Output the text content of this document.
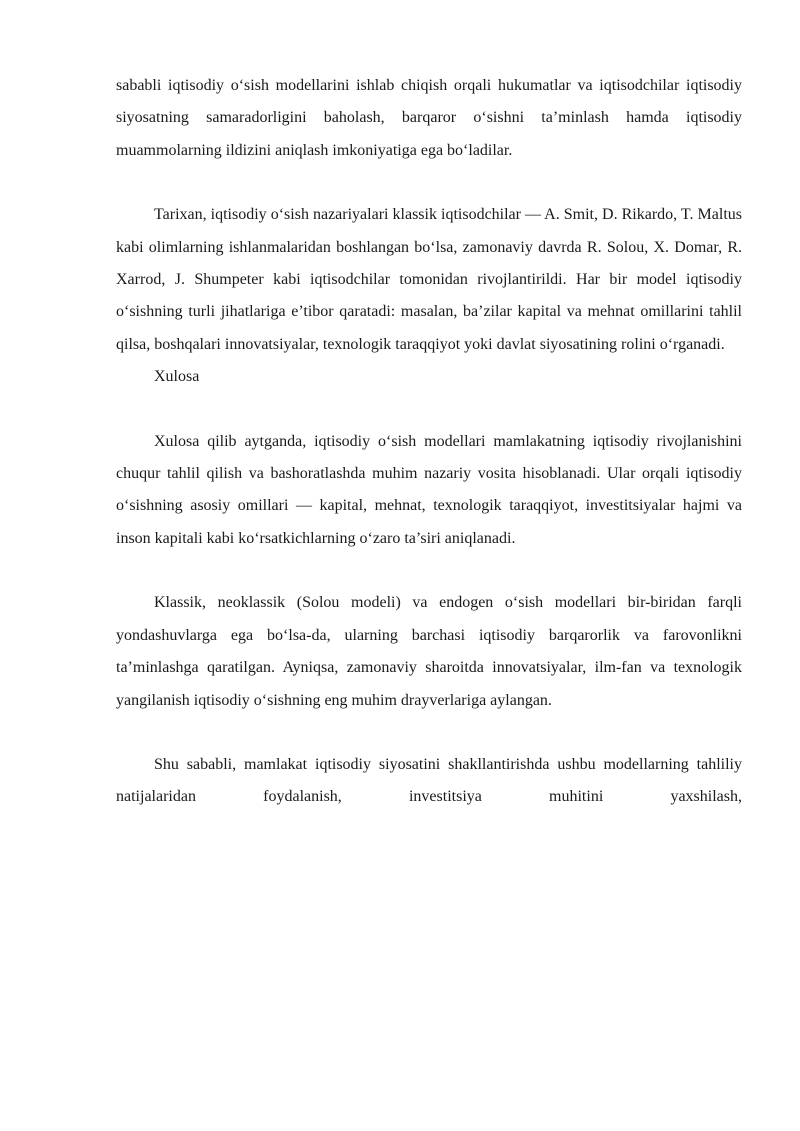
sababli iqtisodiy o‘sish modellarini ishlab chiqish orqali hukumatlar va iqtisodchilar iqtisodiy siyosatning samaradorligini baholash, barqaror o‘sishni ta’minlash hamda iqtisodiy muammolarning ildizini aniqlash imkoniyatiga ega bo‘ladilar.

Tarixan, iqtisodiy o‘sish nazariyalari klassik iqtisodchilar — A. Smit, D. Rikardo, T. Maltus kabi olimlarning ishlanmalaridan boshlangan bo‘lsa, zamonaviy davrda R. Solou, X. Domar, R. Xarrod, J. Shumpeter kabi iqtisodchilar tomonidan rivojlantirildi. Har bir model iqtisodiy o‘sishning turli jihatlariga e’tibor qaratadi: masalan, ba’zilar kapital va mehnat omillarini tahlil qilsa, boshqalari innovatsiyalar, texnologik taraqqiyot yoki davlat siyosatining rolini o‘rganadi.

Xulosa

Xulosa qilib aytganda, iqtisodiy o‘sish modellari mamlakatning iqtisodiy rivojlanishini chuqur tahlil qilish va bashoratlashda muhim nazariy vosita hisoblanadi. Ular orqali iqtisodiy o‘sishning asosiy omillari — kapital, mehnat, texnologik taraqqiyot, investitsiyalar hajmi va inson kapitali kabi ko‘rsatkichlarning o‘zaro ta’siri aniqlanadi.

Klassik, neoklassik (Solou modeli) va endogen o‘sish modellari bir-biridan farqli yondashuvlarga ega bo‘lsa-da, ularning barchasi iqtisodiy barqarorlik va farovonlikni ta’minlashga qaratilgan. Ayniqsa, zamonaviy sharoitda innovatsiyalar, ilm-fan va texnologik yangilanish iqtisodiy o‘sishning eng muhim drayverlariga aylangan.

Shu sababli, mamlakat iqtisodiy siyosatini shakllantirishda ushbu modellarning tahliliy natijalaridan foydalanish, investitsiya muhitini yaxshilash,
